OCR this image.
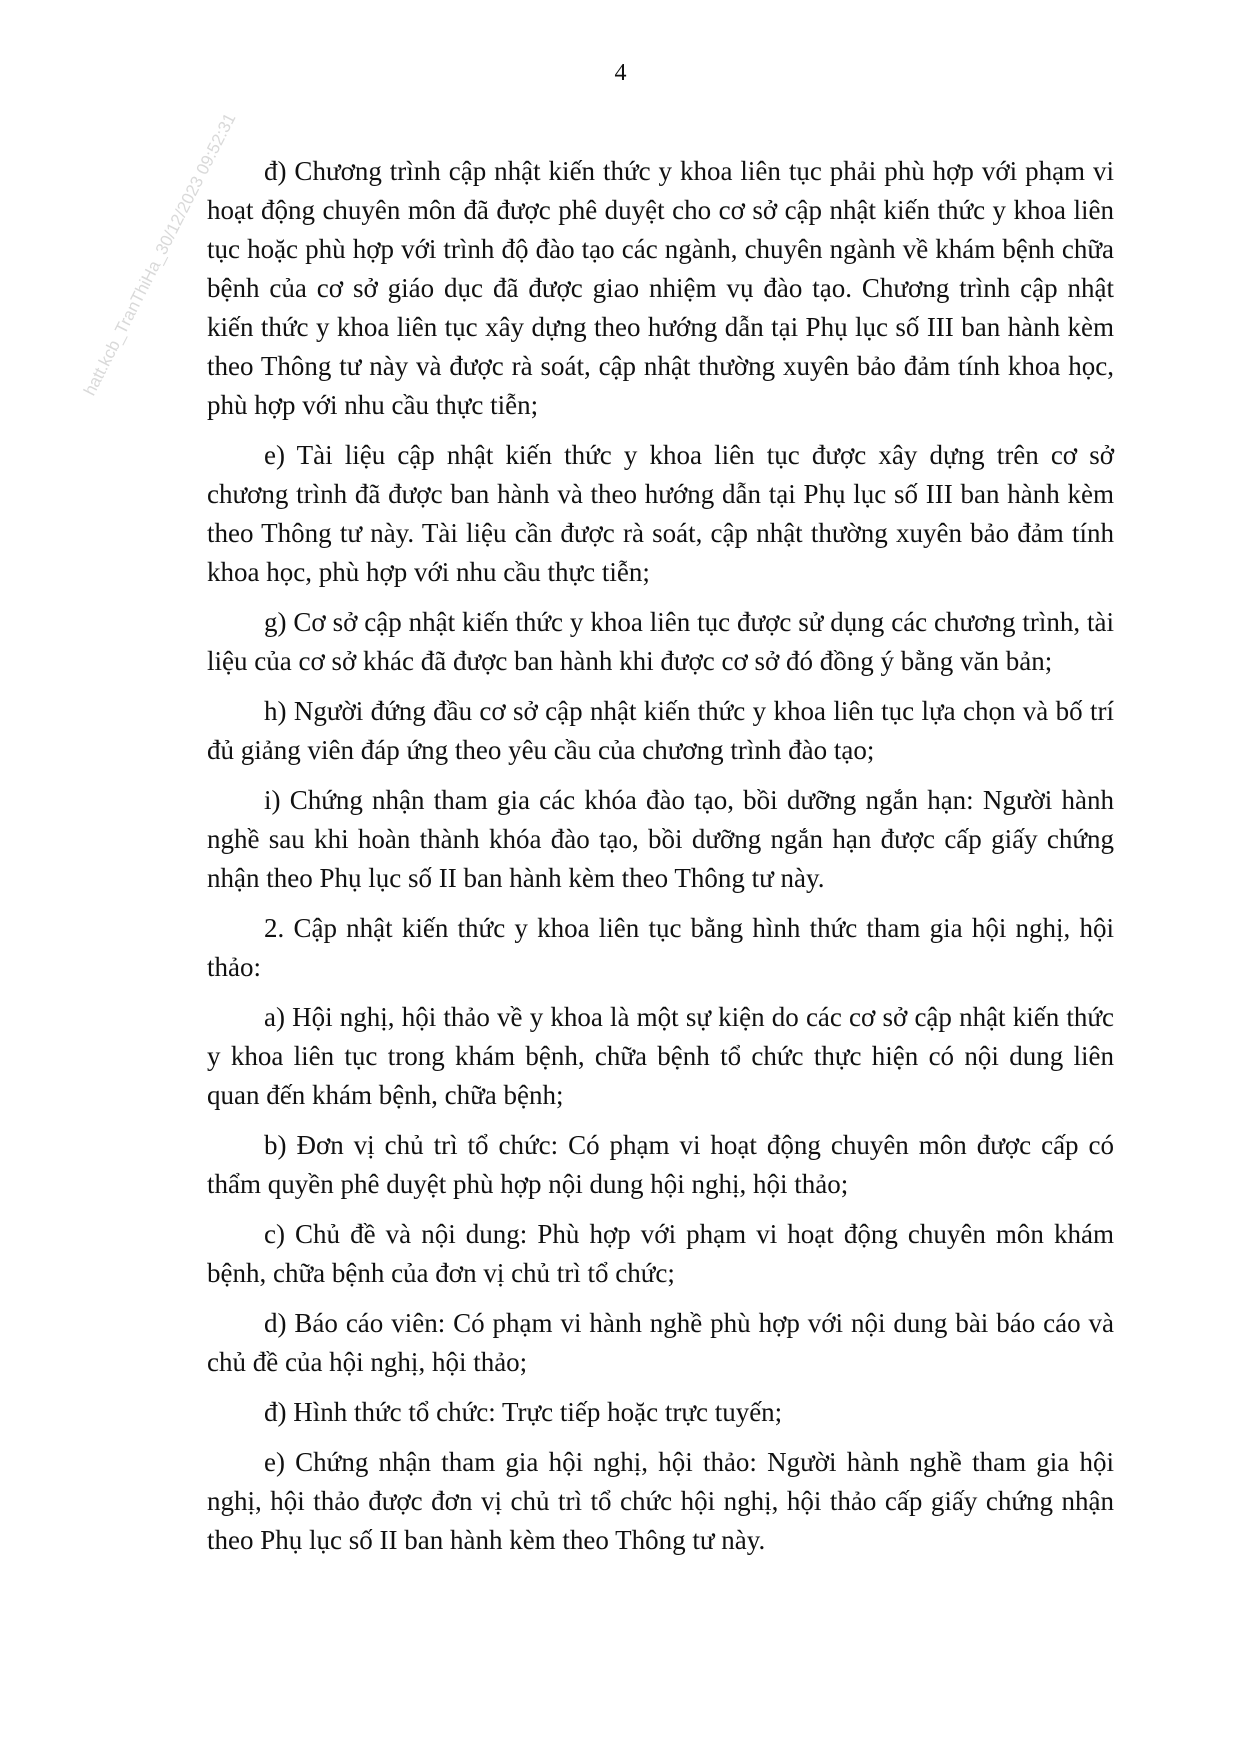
4
hatt.kcb_TranThiHa_30/12/2023 09:52:31 đ) Chương trình cập nhật kiến thức y khoa liên tục phải phù hợp với phạm vi hoạt động chuyên môn đã được phê duyệt cho cơ sở cập nhật kiến thức y khoa liên tục hoặc phù hợp với trình độ đào tạo các ngành, chuyên ngành về khám bệnh chữa bệnh của cơ sở giáo dục đã được giao nhiệm vụ đào tạo. Chương trình cập nhật kiến thức y khoa liên tục xây dựng theo hướng dẫn tại Phụ lục số III ban hành kèm theo Thông tư này và được rà soát, cập nhật thường xuyên bảo đảm tính khoa học, phù hợp với nhu cầu thực tiễn;

e) Tài liệu cập nhật kiến thức y khoa liên tục được xây dựng trên cơ sở chương trình đã được ban hành và theo hướng dẫn tại Phụ lục số III ban hành kèm theo Thông tư này. Tài liệu cần được rà soát, cập nhật thường xuyên bảo đảm tính khoa học, phù hợp với nhu cầu thực tiễn;

g) Cơ sở cập nhật kiến thức y khoa liên tục được sử dụng các chương trình, tài liệu của cơ sở khác đã được ban hành khi được cơ sở đó đồng ý bằng văn bản;

h) Người đứng đầu cơ sở cập nhật kiến thức y khoa liên tục lựa chọn và bố trí đủ giảng viên đáp ứng theo yêu cầu của chương trình đào tạo;

i) Chứng nhận tham gia các khóa đào tạo, bồi dưỡng ngắn hạn: Người hành nghề sau khi hoàn thành khóa đào tạo, bồi dưỡng ngắn hạn được cấp giấy chứng nhận theo Phụ lục số II ban hành kèm theo Thông tư này.

2. Cập nhật kiến thức y khoa liên tục bằng hình thức tham gia hội nghị, hội thảo:

a) Hội nghị, hội thảo về y khoa là một sự kiện do các cơ sở cập nhật kiến thức y khoa liên tục trong khám bệnh, chữa bệnh tổ chức thực hiện có nội dung liên quan đến khám bệnh, chữa bệnh;

b) Đơn vị chủ trì tổ chức: Có phạm vi hoạt động chuyên môn được cấp có thẩm quyền phê duyệt phù hợp nội dung hội nghị, hội thảo;

c) Chủ đề và nội dung: Phù hợp với phạm vi hoạt động chuyên môn khám bệnh, chữa bệnh của đơn vị chủ trì tổ chức;

d) Báo cáo viên: Có phạm vi hành nghề phù hợp với nội dung bài báo cáo và chủ đề của hội nghị, hội thảo;

đ) Hình thức tổ chức: Trực tiếp hoặc trực tuyến;

e) Chứng nhận tham gia hội nghị, hội thảo: Người hành nghề tham gia hội nghị, hội thảo được đơn vị chủ trì tổ chức hội nghị, hội thảo cấp giấy chứng nhận theo Phụ lục số II ban hành kèm theo Thông tư này.
